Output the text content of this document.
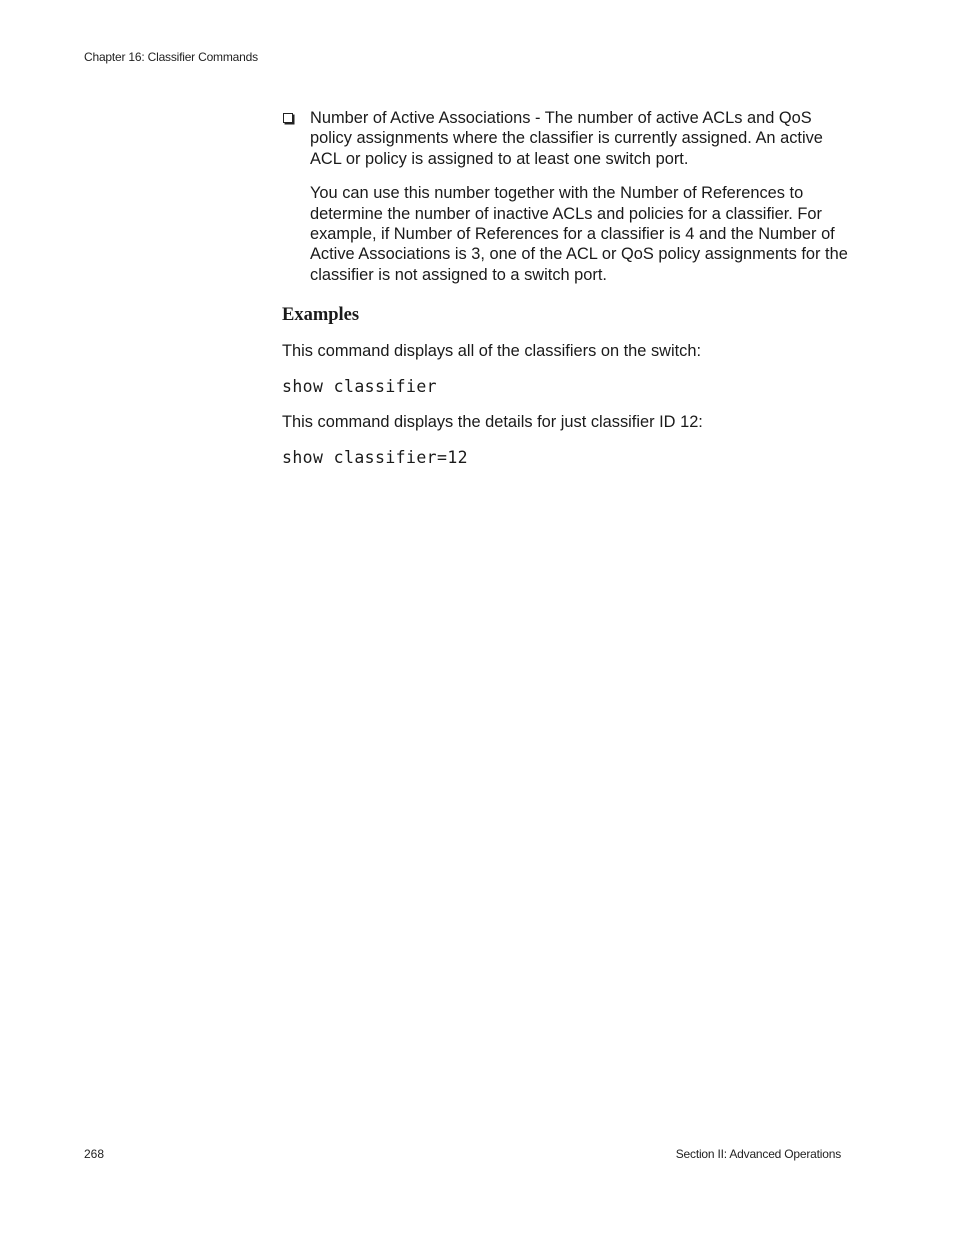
Chapter 16: Classifier Commands

Number of Active Associations - The number of active ACLs and QoS policy assignments where the classifier is currently assigned. An active ACL or policy is assigned to at least one switch port.

You can use this number together with the Number of References to determine the number of inactive ACLs and policies for a classifier. For example, if Number of References for a classifier is 4 and the Number of Active Associations is 3, one of the ACL or QoS policy assignments for the classifier is not assigned to a switch port.

Examples

This command displays all of the classifiers on the switch:

show classifier

This command displays the details for just classifier ID 12:

show classifier=12

268	Section II: Advanced Operations
